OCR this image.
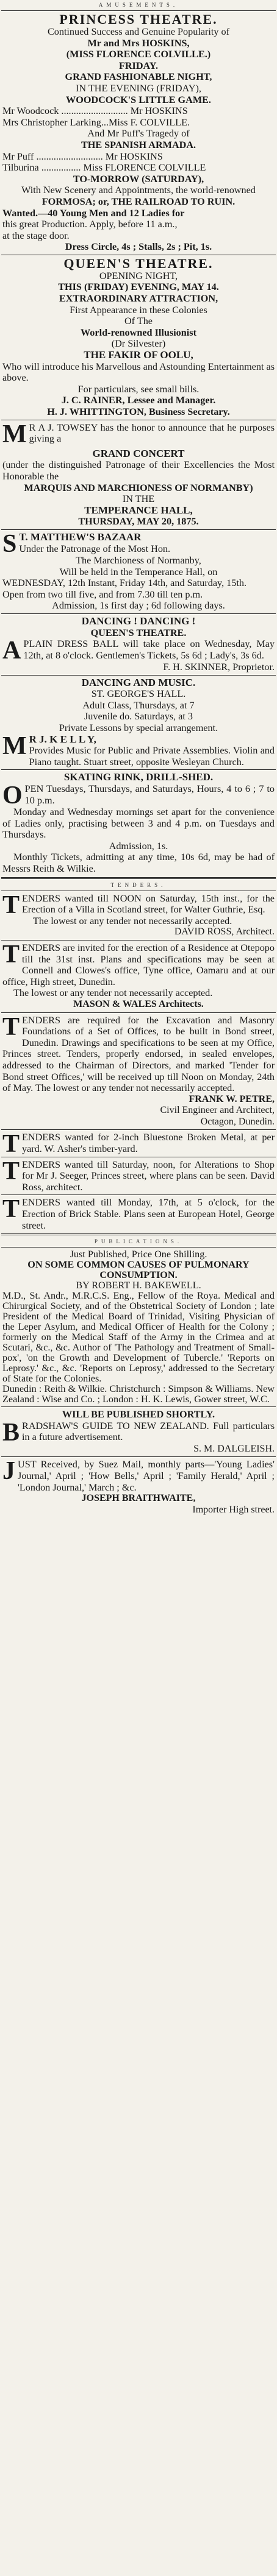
AMUSEMENTS.

PRINCESS THEATRE.

Continued Success and Genuine Popularity of

Mr and Mrs HOSKINS,

(MISS FLORENCE COLVILLE.)

FRIDAY.

GRAND FASHIONABLE NIGHT,

IN THE EVENING (FRIDAY),

WOODCOCK'S LITTLE GAME.

Mr Woodcock ........................... Mr HOSKINS

Mrs Christopher Larking...Miss F. COLVILLE.

And Mr Puff's Tragedy of

THE SPANISH ARMADA.

Mr Puff ........................... Mr HOSKINS

Tilburina ................ Miss FLORENCE COLVILLE

TO-MORROW (SATURDAY),

With New Scenery and Appointments, the world-renowned

FORMOSA; or, THE RAILROAD TO RUIN.

Wanted.—40 Young Men and 12 Ladies for

this great Production. Apply, before 11 a.m.,

at the stage door.

Dress Circle, 4s ; Stalls, 2s ; Pit, 1s.

QUEEN'S THEATRE.

OPENING NIGHT,

THIS (FRIDAY) EVENING, MAY 14.

EXTRAORDINARY ATTRACTION,

First Appearance in these Colonies

Of The

World-renowned Illusionist

(Dr Silvester)

THE FAKIR OF OOLU,

Who will introduce his Marvellous and Astounding Entertainment as above.

For particulars, see small bills.

J. C. RAINER, Lessee and Manager.

H. J. WHITTINGTON, Business Secretary.

M R A J. TOWSEY has the honor to announce that he purposes giving a

GRAND CONCERT

(under the distinguished Patronage of their Excellencies the Most Honorable the

MARQUIS AND MARCHIONESS OF NORMANBY)

IN THE

TEMPERANCE HALL,

THURSDAY, MAY 20, 1875.

S T. MATTHEW'S BAZAAR

Under the Patronage of the Most Hon.

The Marchioness of Normanby,

Will be held in the Temperance Hall, on

WEDNESDAY, 12th Instant, Friday 14th, and Saturday, 15th.

Open from two till five, and from 7.30 till ten p.m.

Admission, 1s first day ; 6d following days.

DANCING ! DANCING !

QUEEN'S THEATRE.

APLAIN DRESS BALL will take place on Wednesday, May 12th, at 8 o'clock. Gentlemen's Tickets, 5s 6d ; Lady's, 3s 6d.

F. H. SKINNER, Proprietor.

DANCING AND MUSIC.

ST. GEORGE'S HALL.

Adult Class, Thursdays, at 7

Juvenile do. Saturdays, at 3

Private Lessons by special arrangement.

M R J. K E L L Y,

Provides Music for Public and Private Assemblies. Violin and Piano taught. Stuart street, opposite Wesleyan Church.

SKATING RINK, DRILL-SHED.

OPEN Tuesdays, Thursdays, and Saturdays, Hours, 4 to 6 ; 7 to 10 p.m.

Monday and Wednesday mornings set apart for the convenience of Ladies only, practising between 3 and 4 p.m. on Tuesdays and Thursdays.

Admission, 1s.

Monthly Tickets, admitting at any time, 10s 6d, may be had of Messrs Reith & Wilkie.

TENDERS.

TENDERS wanted till NOON on Saturday, 15th inst., for the Erection of a Villa in Scotland street, for Walter Guthrie, Esq.

The lowest or any tender not necessarily accepted.

DAVID ROSS, Architect.

TENDERS are invited for the erection of a Residence at Otepopo till the 31st inst. Plans and specifications may be seen at Connell and Clowes's office, Tyne office, Oamaru and at our office, High street, Dunedin.

The lowest or any tender not necessarily accepted.

MASON & WALES Architects.

TENDERS are required for the Excavation and Masonry Foundations of a Set of Offices, to be built in Bond street, Dunedin. Drawings and specifications to be seen at my Office, Princes street. Tenders, properly endorsed, in sealed envelopes, addressed to the Chairman of Directors, and marked 'Tender for Bond street Offices,' will be received up till Noon on Monday, 24th of May. The lowest or any tender not necessarily accepted.

FRANK W. PETRE,

Civil Engineer and Architect,

Octagon, Dunedin.

TENDERS wanted for 2-inch Bluestone Broken Metal, at per yard. W. Asher's timber-yard.

TENDERS wanted till Saturday, noon, for Alterations to Shop for Mr J. Seeger, Princes street, where plans can be seen. David Ross, architect.

TENDERS wanted till Monday, 17th, at 5 o'clock, for the Erection of Brick Stable. Plans seen at European Hotel, George street.

PUBLICATIONS.

Just Published, Price One Shilling.

ON SOME COMMON CAUSES OF PULMONARY CONSUMPTION.

BY ROBERT H. BAKEWELL.

M.D., St. Andr., M.R.C.S. Eng., Fellow of the Roya. Medical and Chirurgical Society, and of the Obstetrical Society of London ; late President of the Medical Board of Trinidad, Visiting Physician of the Leper Asylum, and Medical Officer of Health for the Colony ; formerly on the Medical Staff of the Army in the Crimea and at Scutari, &c., &c. Author of 'The Pathology and Treatment of Small-pox', 'on the Growth and Development of Tubercle.' 'Reports on Leprosy.' &c., &c. 'Reports on Leprosy,' addressed to the Secretary of State for the Colonies.

Dunedin : Reith & Wilkie. Christchurch : Simpson & Williams. New Zealand : Wise and Co. ; London : H. K. Lewis, Gower street, W.C.

WILL BE PUBLISHED SHORTLY.

BRADSHAW'S GUIDE TO NEW ZEALAND. Full particulars in a future advertisement.

S. M. DALGLEISH.

JUST Received, by Suez Mail, monthly parts—'Young Ladies' Journal,' April ; 'How Bells,' April ; 'Family Herald,' April ; 'London Journal,' March ; &c.

JOSEPH BRAITHWAITE,

Importer High street.
